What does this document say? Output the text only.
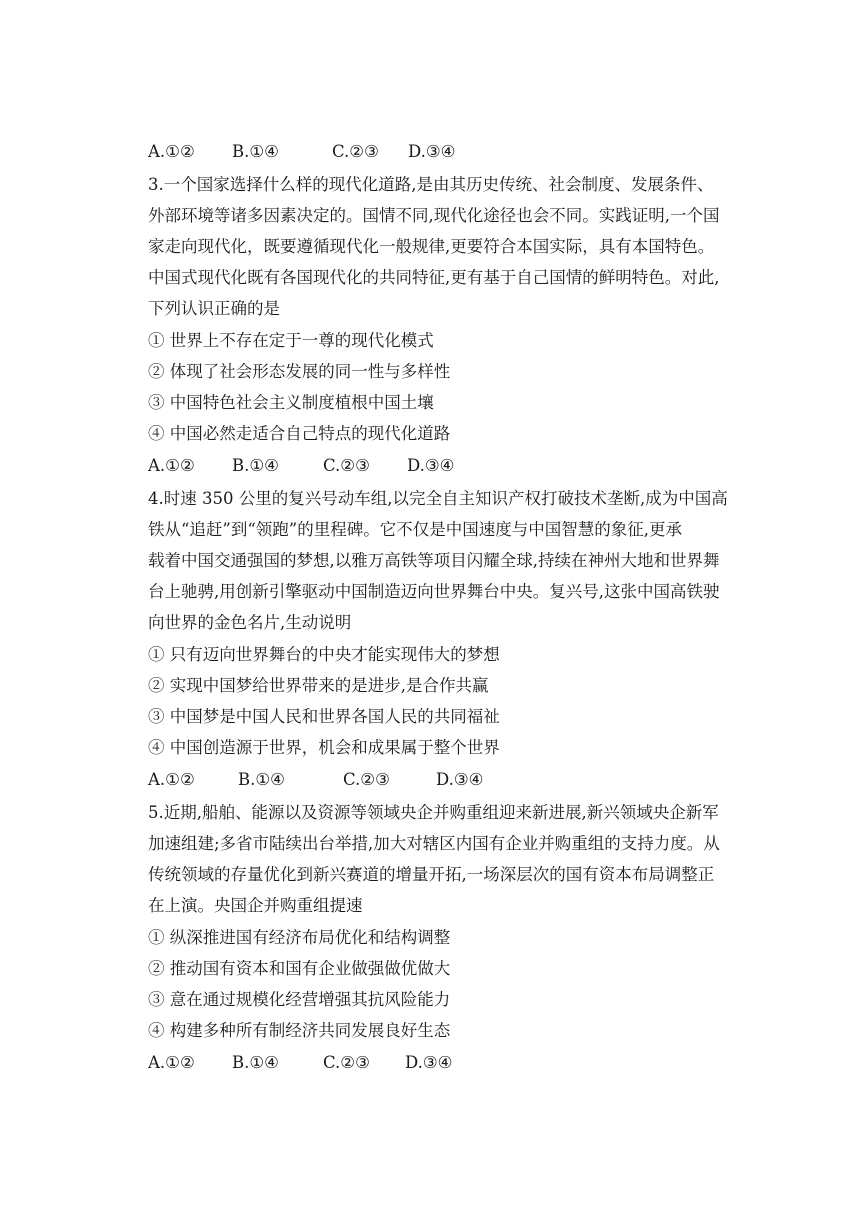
A.①② B.①④	C.②③ D.③④
3.一个国家选择什么样的现代化道路,是由其历史传统、社会制度、发展条件、
外部环境等诸多因素决定的。国情不同,现代化途径也会不同。实践证明,一个国
家走向现代化，既要遵循现代化一般规律,更要符合本国实际，具有本国特色。
中国式现代化既有各国现代化的共同特征,更有基于自己国情的鲜明特色。对此,
下列认识正确的是
① 世界上不存在定于一尊的现代化模式
② 体现了社会形态发展的同一性与多样性
③ 中国特色社会主义制度植根中国土壤
④ 中国必然走适合自己特点的现代化道路
A.①② B.①④	C.②③ D.③④
4.时速 350 公里的复兴号动车组,以完全自主知识产权打破技术垄断,成为中国高
铁从“追赶”到“领跑”的里程碑。它不仅是中国速度与中国智慧的象征,更承
载着中国交通强国的梦想,以雅万高铁等项目闪耀全球,持续在神州大地和世界舞
台上驰骋,用创新引擎驱动中国制造迈向世界舞台中央。复兴号,这张中国高铁驶
向世界的金色名片,生动说明
① 只有迈向世界舞台的中央才能实现伟大的梦想
② 实现中国梦给世界带来的是进步,是合作共赢
③ 中国梦是中国人民和世界各国人民的共同福祉
④ 中国创造源于世界，机会和成果属于整个世界
A.①②	B.①④	C.②③	D.③④
5.近期,船舶、能源以及资源等领域央企并购重组迎来新进展,新兴领域央企新军
加速组建;多省市陆续出台举措,加大对辖区内国有企业并购重组的支持力度。从
传统领域的存量优化到新兴赛道的增量开拓,一场深层次的国有资本布局调整正
在上演。央国企并购重组提速
① 纵深推进国有经济布局优化和结构调整
② 推动国有资本和国有企业做强做优做大
③ 意在通过规模化经营增强其抗风险能力
④ 构建多种所有制经济共同发展良好生态
A.①② B.①④	C.②③ D.③④
